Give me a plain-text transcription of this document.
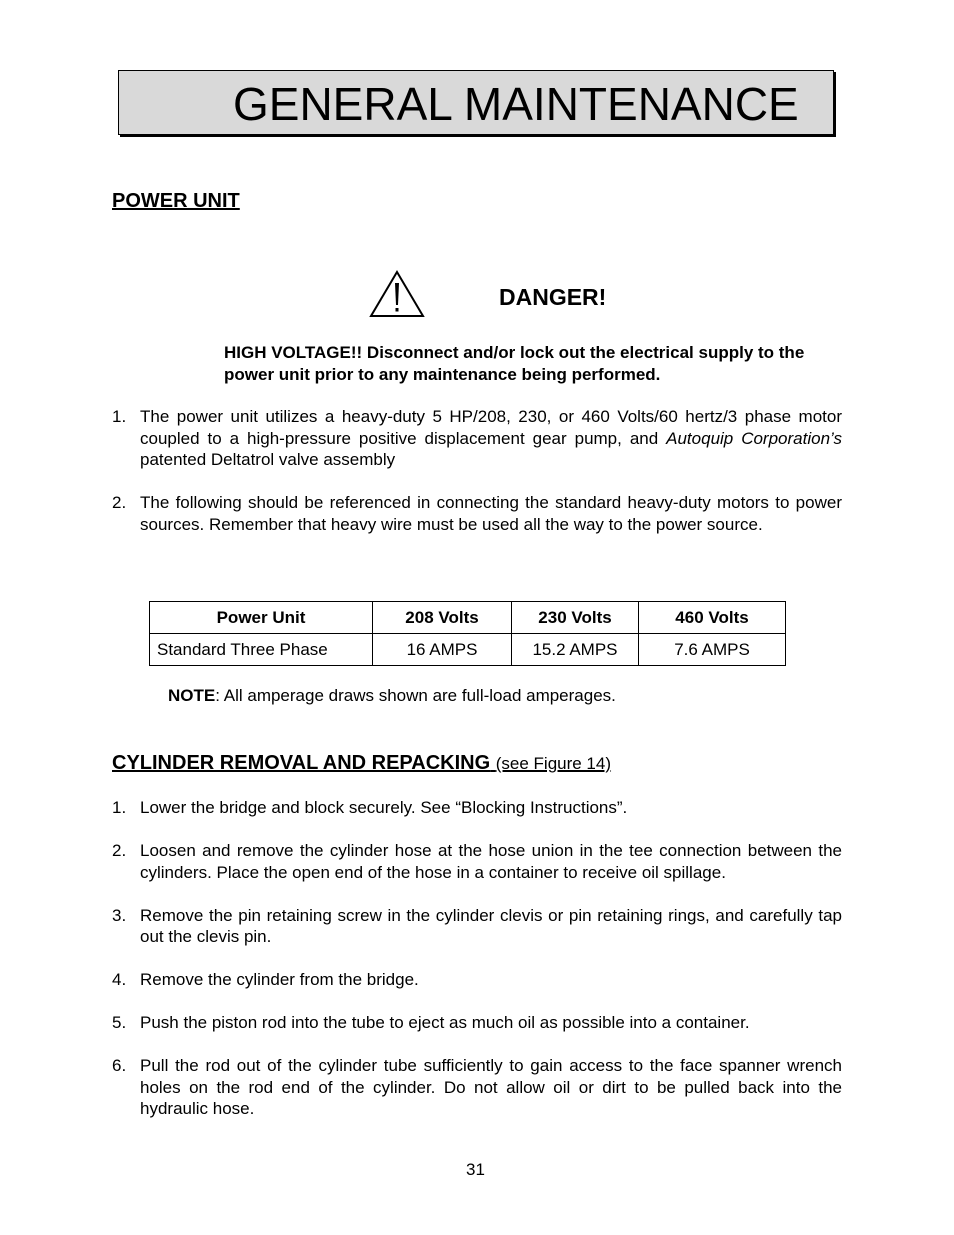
GENERAL MAINTENANCE
POWER UNIT
DANGER!
HIGH VOLTAGE!! Disconnect and/or lock out the electrical supply to the power unit prior to any maintenance being performed.
1. The power unit utilizes a heavy-duty 5 HP/208, 230, or 460 Volts/60 hertz/3 phase motor coupled to a high-pressure positive displacement gear pump, and Autoquip Corporation’s patented Deltatrol valve assembly
2. The following should be referenced in connecting the standard heavy-duty motors to power sources. Remember that heavy wire must be used all the way to the power source.
Power Unit	208 Volts	230 Volts	460 Volts
Standard Three Phase	16 AMPS	15.2 AMPS	7.6 AMPS
NOTE: All amperage draws shown are full-load amperages.
CYLINDER REMOVAL AND REPACKING (see Figure 14)
1. Lower the bridge and block securely. See “Blocking Instructions”.
2. Loosen and remove the cylinder hose at the hose union in the tee connection between the cylinders. Place the open end of the hose in a container to receive oil spillage.
3. Remove the pin retaining screw in the cylinder clevis or pin retaining rings, and carefully tap out the clevis pin.
4. Remove the cylinder from the bridge.
5. Push the piston rod into the tube to eject as much oil as possible into a container.
6. Pull the rod out of the cylinder tube sufficiently to gain access to the face spanner wrench holes on the rod end of the cylinder. Do not allow oil or dirt to be pulled back into the hydraulic hose.
31
